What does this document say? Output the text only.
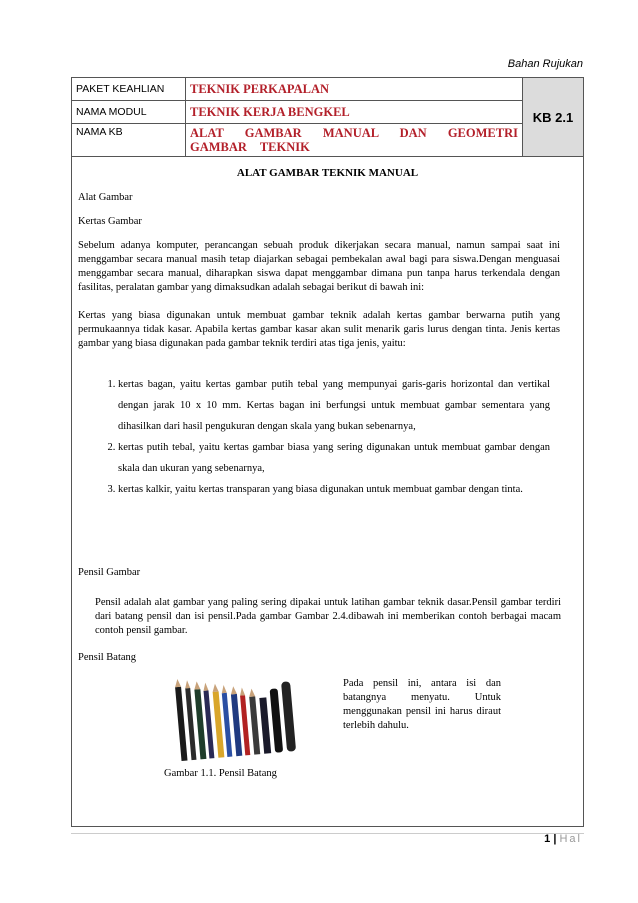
Bahan Rujukan
PAKET KEAHLIAN	TEKNIK PERKAPALAN	KB 2.1
NAMA MODUL	TEKNIK KERJA BENGKEL	
NAMA KB	ALAT GAMBAR MANUAL DAN GEOMETRI GAMBAR TEKNIK	
ALAT GAMBAR TEKNIK MANUAL
Alat Gambar
Kertas Gambar
Sebelum adanya komputer, perancangan sebuah produk dikerjakan secara manual, namun sampai saat ini menggambar secara manual masih tetap diajarkan sebagai pembekalan awal bagi para siswa.Dengan menguasai menggambar secara manual, diharapkan siswa dapat menggambar dimana pun tanpa harus terkendala dengan fasilitas, peralatan gambar yang dimaksudkan adalah sebagai berikut di bawah ini:
Kertas yang biasa digunakan untuk membuat gambar teknik adalah kertas gambar berwarna putih yang permukaannya tidak kasar. Apabila kertas gambar kasar akan sulit menarik garis lurus dengan tinta. Jenis kertas gambar yang biasa digunakan pada gambar teknik terdiri atas tiga jenis, yaitu:
1. kertas bagan, yaitu kertas gambar putih tebal yang mempunyai garis-garis horizontal dan vertikal dengan jarak 10 x 10 mm. Kertas bagan ini berfungsi untuk membuat gambar sementara yang dihasilkan dari hasil pengukuran dengan skala yang bukan sebenarnya,
2. kertas putih tebal, yaitu kertas gambar biasa yang sering digunakan untuk membuat gambar dengan skala dan ukuran yang sebenarnya,
3. kertas kalkir, yaitu kertas transparan yang biasa digunakan untuk membuat gambar dengan tinta.
Pensil Gambar
Pensil adalah alat gambar yang paling sering dipakai untuk latihan gambar teknik dasar.Pensil gambar terdiri dari batang pensil dan isi pensil.Pada gambar Gambar 2.4.dibawah ini memberikan contoh berbagai macam contoh pensil gambar.
Pensil Batang
Pada pensil ini, antara isi dan batangnya menyatu. Untuk menggunakan pensil ini harus diraut terlebih dahulu.
Gambar 1.1. Pensil Batang
1 | Hal
